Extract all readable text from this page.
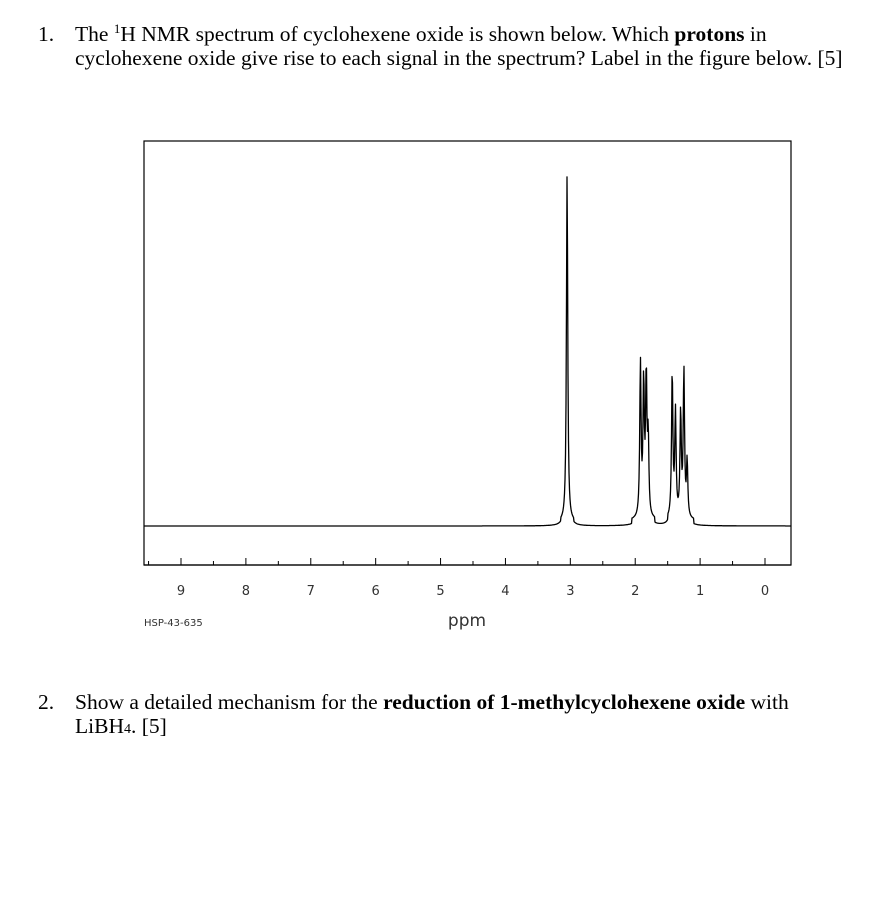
1. The $^1$H NMR spectrum of cyclohexene oxide is shown below. Which protons in cyclohexene oxide give rise to each signal in the spectrum? Label in the figure below. [5]
9	8	7	6	5	4	3	2	1	0
ppm
HSP-43-635
2. Show a detailed mechanism for the reduction of 1-methylcyclohexene oxide with LiBH4. [5]
